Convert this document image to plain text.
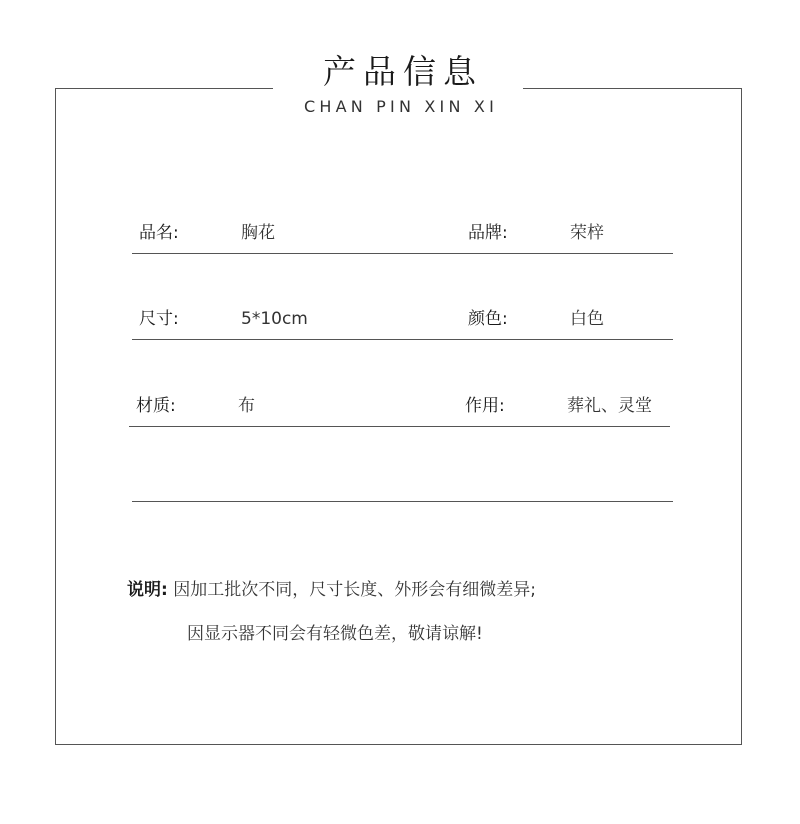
产品信息
CHAN PIN XIN XI
品名:	胸花	品牌:	荣梓
尺寸:	5*10cm	颜色:	白色
材质:	布	作用:	葬礼、灵堂
说明: 因加工批次不同，尺寸长度、外形会有细微差异;
因显示器不同会有轻微色差，敬请谅解!
